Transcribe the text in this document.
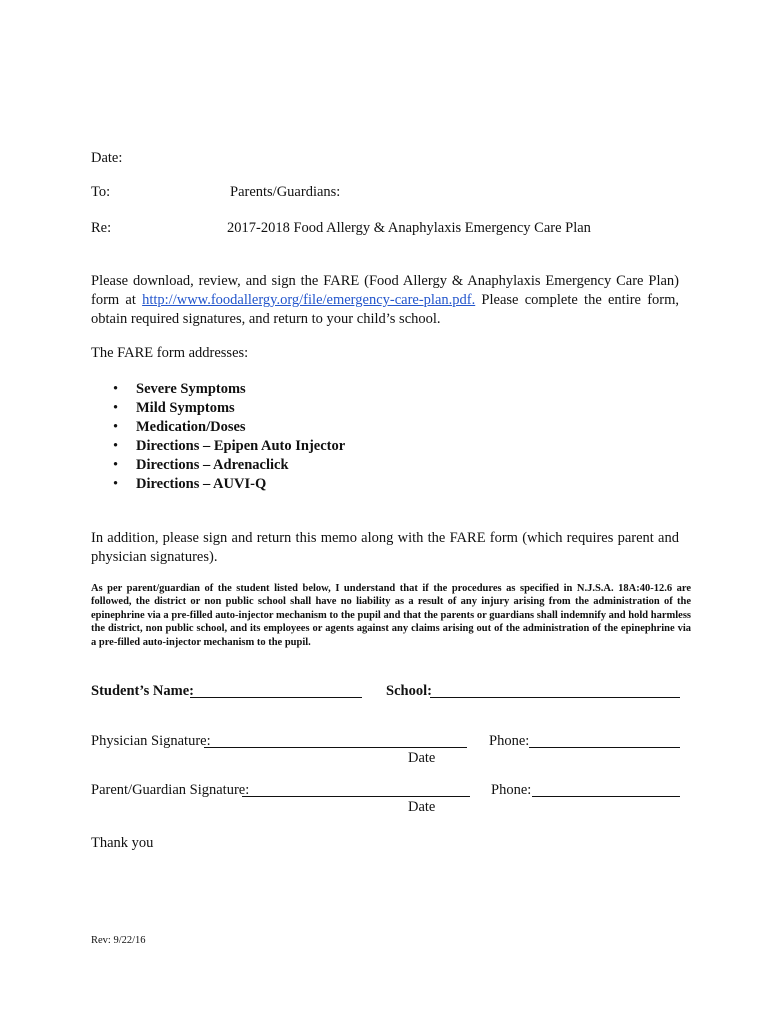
Date:
To:	Parents/Guardians:
Re:	2017-2018 Food Allergy & Anaphylaxis Emergency Care Plan
Please download, review, and sign the FARE (Food Allergy & Anaphylaxis Emergency Care Plan) form at http://www.foodallergy.org/file/emergency-care-plan.pdf. Please complete the entire form, obtain required signatures, and return to your child’s school.
The FARE form addresses:
• Severe Symptoms
• Mild Symptoms
• Medication/Doses
• Directions – Epipen Auto Injector
• Directions – Adrenaclick
• Directions – AUVI-Q
In addition, please sign and return this memo along with the FARE form (which requires parent and physician signatures).
As per parent/guardian of the student listed below, I understand that if the procedures as specified in N.J.S.A. 18A:40-12.6 are followed, the district or non public school shall have no liability as a result of any injury arising from the administration of the epinephrine via a pre-filled auto-injector mechanism to the pupil and that the parents or guardians shall indemnify and hold harmless the district, non public school, and its employees or agents against any claims arising out of the administration of the epinephrine via a pre-filled auto-injector mechanism to the pupil.
Student’s Name:	School:
Physician Signature:	Phone:
Date
Parent/Guardian Signature:	Phone:
Date
Thank you
Rev: 9/22/16
